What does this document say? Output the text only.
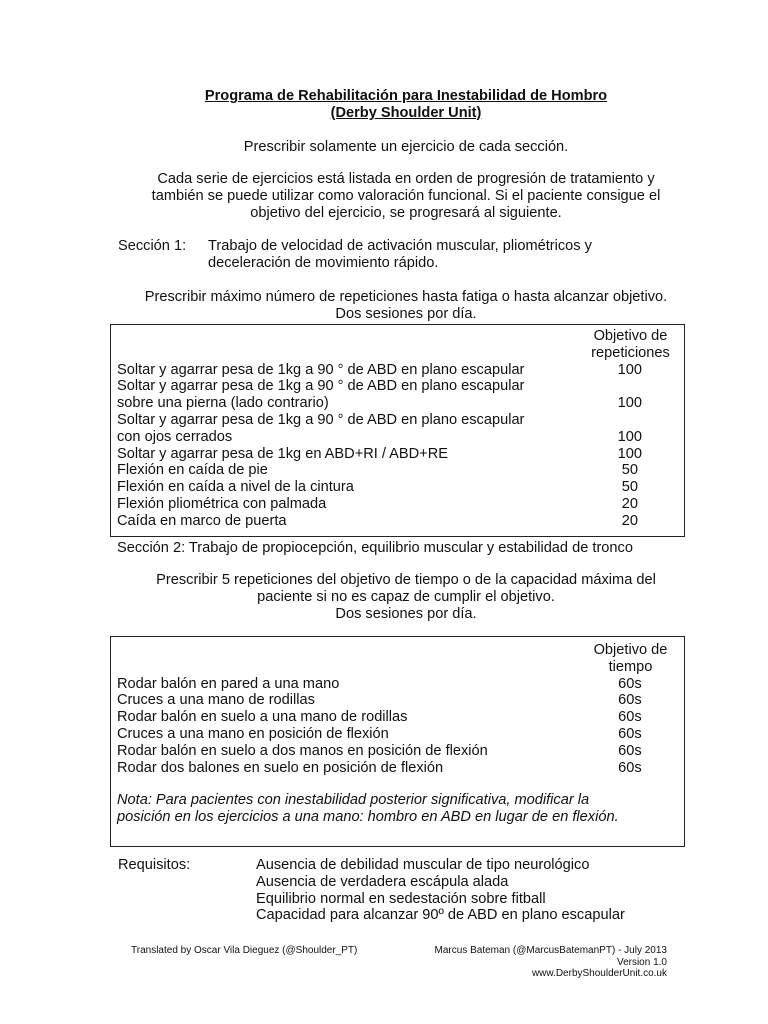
Programa de Rehabilitación para Inestabilidad de Hombro
(Derby Shoulder Unit)
Prescribir solamente un ejercicio de cada sección.
Cada serie de ejercicios está listada en orden de progresión de tratamiento y
también se puede utilizar como valoración funcional. Si el paciente consigue el
objetivo del ejercicio, se progresará al siguiente.
Sección 1: Trabajo de velocidad de activación muscular, pliométricos y
deceleración de movimiento rápido.
Prescribir máximo número de repeticiones hasta fatiga o hasta alcanzar objetivo.
Dos sesiones por día.
Objetivo de
repeticiones
Soltar y agarrar pesa de 1kg a 90 ° de ABD en plano escapular	100
Soltar y agarrar pesa de 1kg a 90 ° de ABD en plano escapular
sobre una pierna (lado contrario)	100
Soltar y agarrar pesa de 1kg a 90 ° de ABD en plano escapular
con ojos cerrados	100
Soltar y agarrar pesa de 1kg en ABD+RI / ABD+RE	100
Flexión en caída de pie	50
Flexión en caída a nivel de la cintura	50
Flexión pliométrica con palmada	20
Caída en marco de puerta	20
Sección 2: Trabajo de propiocepción, equilibrio muscular y estabilidad de tronco
Prescribir 5 repeticiones del objetivo de tiempo o de la capacidad máxima del
paciente si no es capaz de cumplir el objetivo.
Dos sesiones por día.
Objetivo de
tiempo
Rodar balón en pared a una mano	60s
Cruces a una mano de rodillas	60s
Rodar balón en suelo a una mano de rodillas	60s
Cruces a una mano en posición de flexión	60s
Rodar balón en suelo a dos manos en posición de flexión	60s
Rodar dos balones en suelo en posición de flexión	60s
Nota: Para pacientes con inestabilidad posterior significativa, modificar la
posición en los ejercicios a una mano: hombro en ABD en lugar de en flexión.
Requisitos:	Ausencia de debilidad muscular de tipo neurológico
Ausencia de verdadera escápula alada
Equilibrio normal en sedestación sobre fitball
Capacidad para alcanzar 90º de ABD en plano escapular
Translated by Oscar Vila Dieguez (@Shoulder_PT)	Marcus Bateman (@MarcusBatemanPT) - July 2013
Version 1.0
www.DerbyShoulderUnit.co.uk
